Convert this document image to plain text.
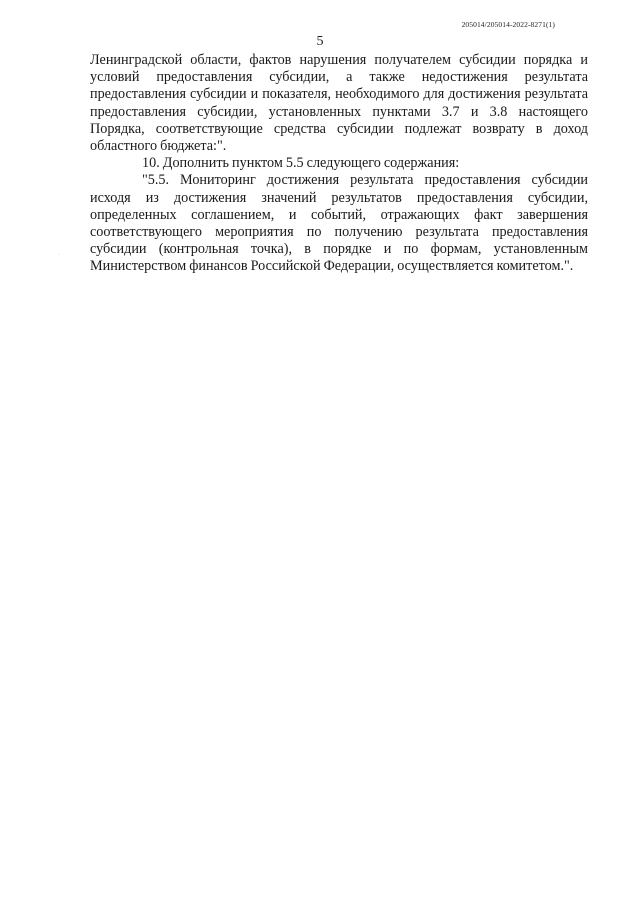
205014/205014-2022-8271(1)
5

Ленинградской области, фактов нарушения получателем субсидии порядка и условий предоставления субсидии, а также недостижения результата предоставления субсидии и показателя, необходимого для достижения результата предоставления субсидии, установленных пунктами 3.7 и 3.8 настоящего Порядка, соответствующие средства субсидии подлежат возврату в доход областного бюджета:".

10. Дополнить пунктом 5.5 следующего содержания:

"5.5. Мониторинг достижения результата предоставления субсидии исходя из достижения значений результатов предоставления субсидии, определенных соглашением, и событий, отражающих факт завершения соответствующего мероприятия по получению результата предоставления субсидии (контрольная точка), в порядке и по формам, установленным Министерством финансов Российской Федерации, осуществляется комитетом.".

·
